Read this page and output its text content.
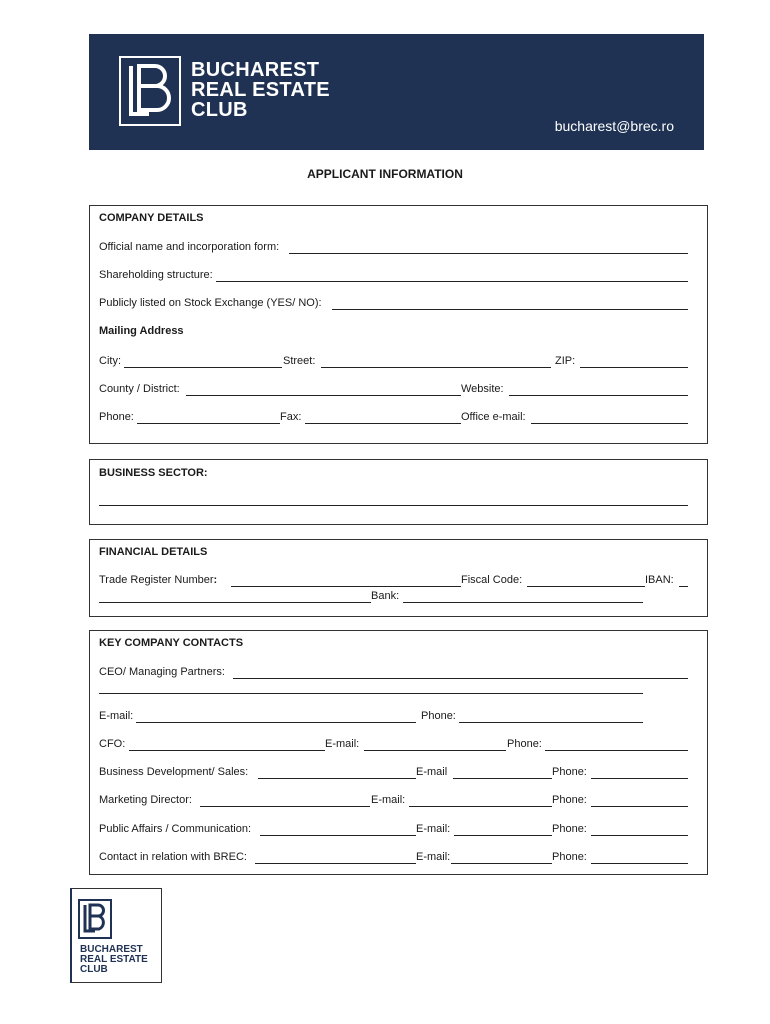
BUCHAREST
REAL ESTATE
CLUB
bucharest@brec.ro
APPLICANT INFORMATION
COMPANY DETAILS
Official name and incorporation form:
Shareholding structure:
Publicly listed on Stock Exchange (YES/ NO):
Mailing Address
City:	Street:	ZIP:
County / District:	Website:
Phone:	Fax:	Office e-mail:
BUSINESS SECTOR:
FINANCIAL DETAILS
Trade Register Number:	Fiscal Code:	IBAN:
Bank:
KEY COMPANY CONTACTS
CEO/ Managing Partners:
E-mail:	Phone:
CFO:	E-mail:	Phone:
Business Development/ Sales:	E-mail	Phone:
Marketing Director:	E-mail:	Phone:
Public Affairs / Communication:	E-mail:	Phone:
Contact in relation with BREC:	E-mail:	Phone:
BUCHAREST
REAL ESTATE
CLUB
